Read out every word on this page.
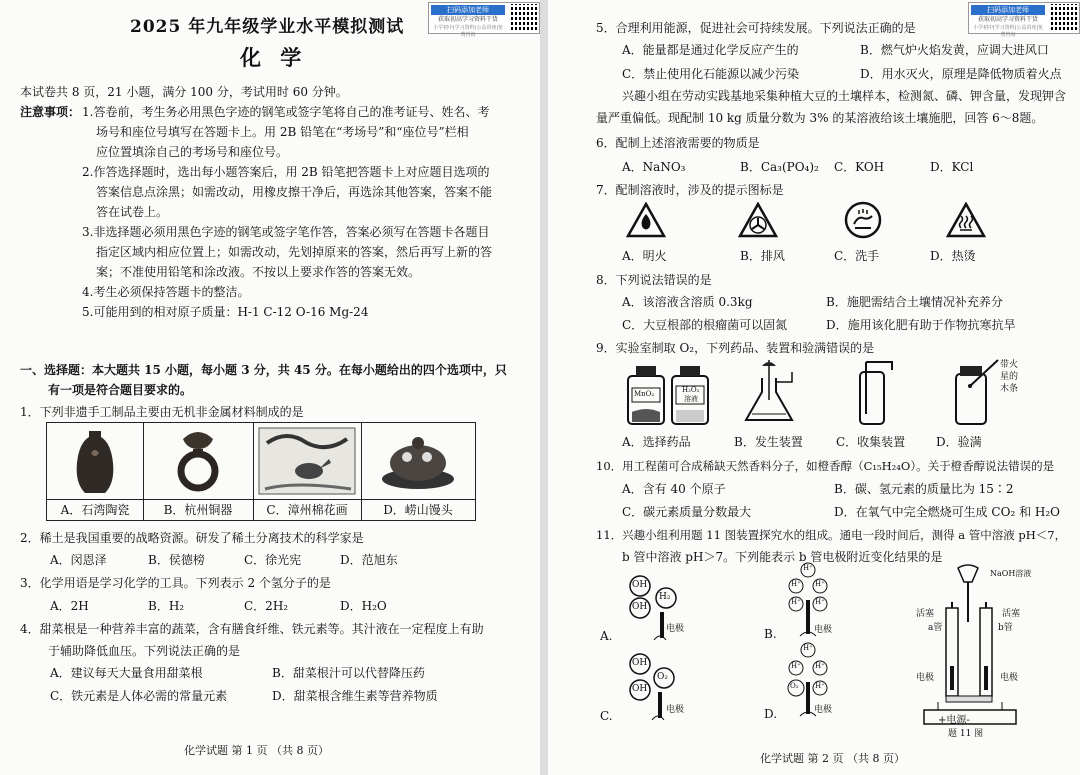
扫码添加老师
获取初高学习资料干货
小学初中|学习资料|公益讲座|免费咨询
2025 年九年级学业水平模拟测试
化 学
本试卷共 8 页，21 小题，满分 100 分，考试用时 60 分钟。
注意事项： 1.答卷前，考生务必用黑色字迹的钢笔或签字笔将自己的准考证号、姓名、考
场号和座位号填写在答题卡上。用 2B 铅笔在“考场号”和“座位号”栏相
应位置填涂自己的考场号和座位号。
2.作答选择题时，选出每小题答案后，用 2B 铅笔把答题卡上对应题目选项的
答案信息点涂黑；如需改动，用橡皮擦干净后，再选涂其他答案，答案不能
答在试卷上。
3.非选择题必须用黑色字迹的钢笔或签字笔作答，答案必须写在答题卡各题目
指定区域内相应位置上；如需改动，先划掉原来的答案，然后再写上新的答
案；不准使用铅笔和涂改液。不按以上要求作答的答案无效。
4.考生必须保持答题卡的整洁。
5.可能用到的相对原子质量：H-1 C-12 O-16 Mg-24
一、选择题：本大题共 15 小题，每小题 3 分，共 45 分。在每小题给出的四个选项中，只
有一项是符合题目要求的。
1．下列非遗手工制品主要由无机非金属材料制成的是
A．石湾陶瓷	B．杭州铜器	C．漳州棉花画	D．崂山馒头
2．稀土是我国重要的战略资源。研发了稀土分离技术的科学家是
A．闵恩泽	B．侯德榜	C．徐光宪	D．范旭东
3．化学用语是学习化学的工具。下列表示 2 个氢分子的是
A．2H	B．H₂	C．2H₂	D．H₂O
4．甜菜根是一种营养丰富的蔬菜，含有膳食纤维、铁元素等。其汁液在一定程度上有助
于辅助降低血压。下列说法正确的是
A．建议每天大量食用甜菜根	B．甜菜根汁可以代替降压药
C．铁元素是人体必需的常量元素	D．甜菜根含维生素等营养物质
化学试题 第 1 页 （共 8 页）
扫码添加老师
获取初高学习资料干货
小学初中|学习资料|公益讲座|免费咨询
5．合理利用能源，促进社会可持续发展。下列说法正确的是
A．能量都是通过化学反应产生的	B．燃气炉火焰发黄，应调大进风口
C．禁止使用化石能源以减少污染	D．用水灭火，原理是降低物质着火点
兴趣小组在劳动实践基地采集种植大豆的土壤样本，检测氮、磷、钾含量，发现钾含
量严重偏低。现配制 10 kg 质量分数为 3% 的某溶液给该土壤施肥，回答 6～8题。
6．配制上述溶液需要的物质是
A．NaNO₃	B．Ca₃(PO₄)₂ C．KOH	D．KCl
7．配制溶液时，涉及的提示图标是
A．明火	B．排风	C．洗手	D．热烫
8．下列说法错误的是
A．该溶液含溶质 0.3kg	B．施肥需结合土壤情况补充养分
C．大豆根部的根瘤菌可以固氮	D．施用该化肥有助于作物抗寒抗旱
9．实验室制取 O₂，下列药品、装置和验满错误的是
MnO₂	H₂O₂
溶液
带火
星的
木条
A．选择药品	B．发生装置	C．收集装置	D．验满
10．用工程菌可合成稀缺天然香料分子，如橙香醇（C₁₅H₂₄O）。关于橙香醇说法错误的是
A．含有 40 个原子	B．碳、氢元素的质量比为 15∶2
C．碳元素质量分数最大	D．在氧气中完全燃烧可生成 CO₂ 和 H₂O
11．兴趣小组利用题 11 图装置探究水的组成。通电一段时间后，测得 a 管中溶液 pH＜7，
b 管中溶液 pH＞7。下列能表示 b 管电极附近变化结果的是
OH
OH
H₂
电极
A.
H⁺
H⁺ H⁺
H⁺ H⁺
电极
B.
OH
OH
O₂
电极
C.
H⁺
H⁺ H⁺
O₂ H⁺
电极
D.
NaOH溶液
活塞	活塞
a管	b管
电极	电极
+电源-
题 11 图
化学试题 第 2 页 （共 8 页）
